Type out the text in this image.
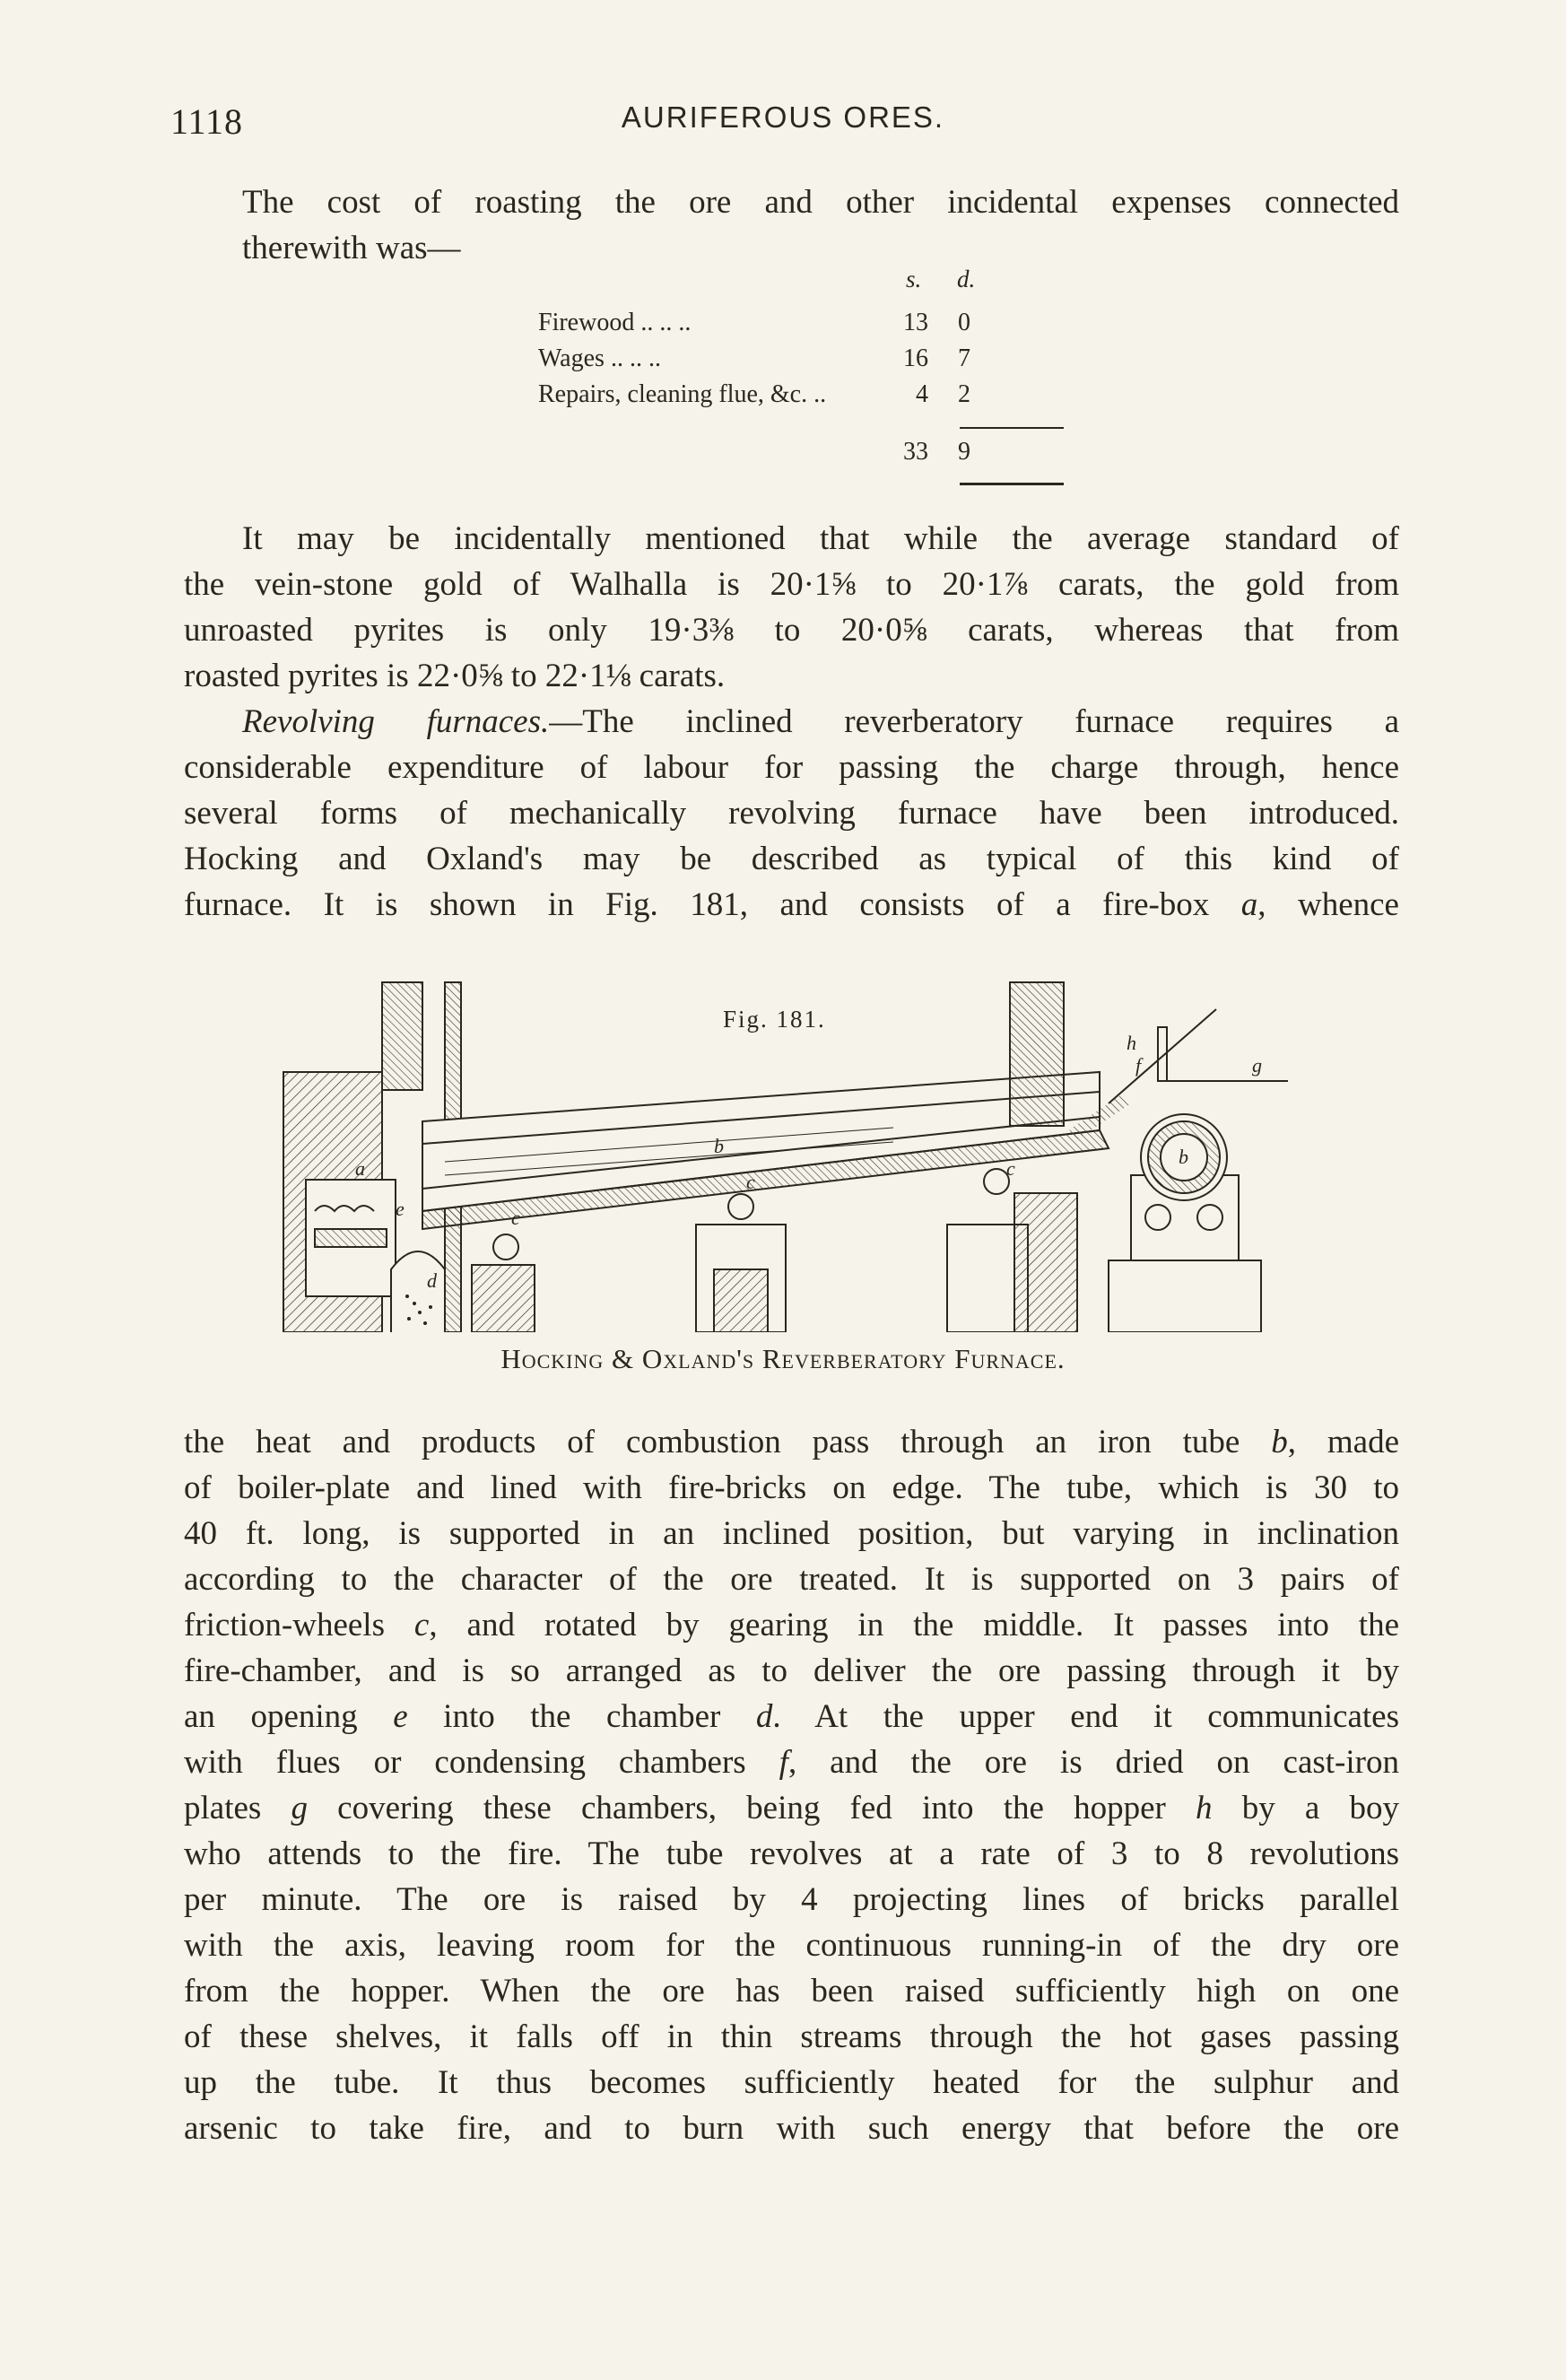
1118	AURIFEROUS ORES.
The cost of roasting the ore and other incidental expenses connected
therewith was—
s. d.
Firewood .. .. ..	13	0
Wages .. .. ..	16	7
Repairs, cleaning flue, &c. ..	4	2
33	9
It may be incidentally mentioned that while the average standard of
the vein-stone gold of Walhalla is 20·1⅝ to 20·1⅞ carats, the gold from
unroasted pyrites is only 19·3⅜ to 20·0⅝ carats, whereas that from
roasted pyrites is 22·0⅝ to 22·1⅛ carats.
Revolving furnaces.—The inclined reverberatory furnace requires a
considerable expenditure of labour for passing the charge through, hence
several forms of mechanically revolving furnace have been introduced.
Hocking and Oxland's may be described as typical of this kind of
furnace. It is shown in Fig. 181, and consists of a fire-box a, whence
Fig. 181.
a
b	b
c
c
c
d
e
f	g
h
Hocking & Oxland's Reverberatory Furnace.
the heat and products of combustion pass through an iron tube b, made
of boiler-plate and lined with fire-bricks on edge. The tube, which is 30 to
40 ft. long, is supported in an inclined position, but varying in inclination
according to the character of the ore treated. It is supported on 3 pairs of
friction-wheels c, and rotated by gearing in the middle. It passes into the
fire-chamber, and is so arranged as to deliver the ore passing through it by
an opening e into the chamber d. At the upper end it communicates
with flues or condensing chambers f, and the ore is dried on cast-iron
plates g covering these chambers, being fed into the hopper h by a boy
who attends to the fire. The tube revolves at a rate of 3 to 8 revolutions
per minute. The ore is raised by 4 projecting lines of bricks parallel
with the axis, leaving room for the continuous running-in of the dry ore
from the hopper. When the ore has been raised sufficiently high on one
of these shelves, it falls off in thin streams through the hot gases passing
up the tube. It thus becomes sufficiently heated for the sulphur and
arsenic to take fire, and to burn with such energy that before the ore
